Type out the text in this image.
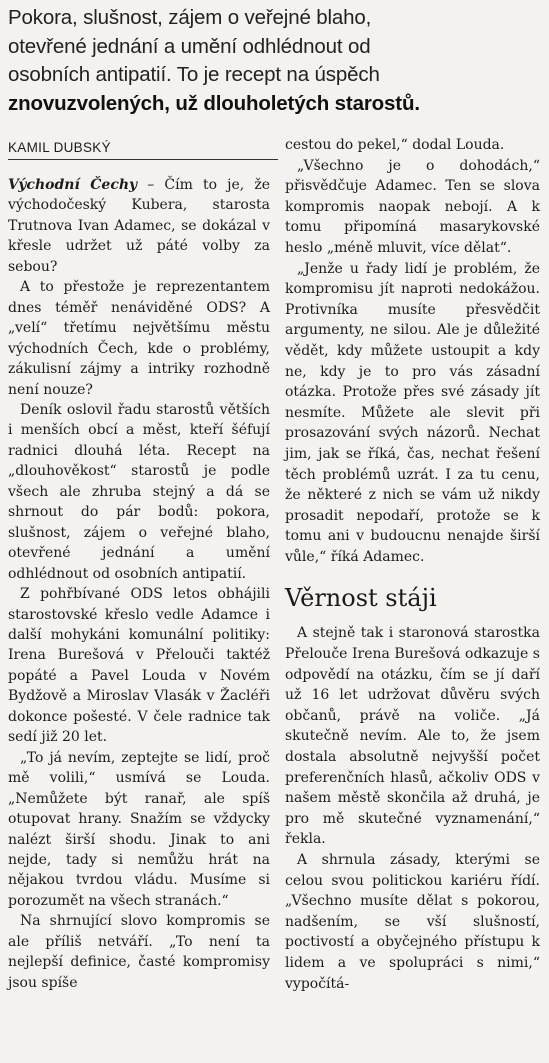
Pokora, slušnost, zájem o veřejné blaho,
otevřené jednání a umění odhlédnout od
osobních antipatií. To je recept na úspěch
znovuzvolených, už dlouholetých starostů.
KAMIL DUBSKÝ

Východní Čechy – Čím to je, že východočeský Kubera, starosta Trutnova Ivan Adamec, se dokázal v křesle udržet už páté volby za sebou?

A to přestože je reprezentantem dnes téměř nenáviděné ODS? A „velí“ třetímu největšímu městu východních Čech, kde o problémy, zákulisní zájmy a intriky rozhodně není nouze?

Deník oslovil řadu starostů větších i menších obcí a měst, kteří šéfují radnici dlouhá léta. Recept na „dlouhověkost“ starostů je podle všech ale zhruba stejný a dá se shrnout do pár bodů: pokora, slušnost, zájem o veřejné blaho, otevřené jednání a umění odhlédnout od osobních antipatií.

Z pohřbívané ODS letos obhájili starostovské křeslo vedle Adamce i další mohykáni komunální politiky: Irena Burešová v Přelouči taktéž popáté a Pavel Louda v Novém Bydžově a Miroslav Vlasák v Žacléři dokonce pošesté. V čele radnice tak sedí již 20 let.

„To já nevím, zeptejte se lidí, proč mě volili,“ usmívá se Louda. „Nemůžete být ranař, ale spíš otupovat hrany. Snažím se vždycky nalézt širší shodu. Jinak to ani nejde, tady si nemůžu hrát na nějakou tvrdou vládu. Musíme si porozumět na všech stranách.“

Na shrnující slovo kompromis se ale příliš netváří. „To není ta nejlepší definice, časté kompromisy jsou spíše

cestou do pekel,“ dodal Louda.

„Všechno je o dohodách,“ přisvědčuje Adamec. Ten se slova kompromis naopak nebojí. A k tomu připomíná masarykovské heslo „méně mluvit, více dělat“.

„Jenže u řady lidí je problém, že kompromisu jít naproti nedokážou. Protivníka musíte přesvědčit argumenty, ne silou. Ale je důležité vědět, kdy můžete ustoupit a kdy ne, kdy je to pro vás zásadní otázka. Protože přes své zásady jít nesmíte. Můžete ale slevit při prosazování svých názorů. Nechat jim, jak se říká, čas, nechat řešení těch problémů uzrát. I za tu cenu, že některé z nich se vám už nikdy prosadit nepodaří, protože se k tomu ani v budoucnu nenajde širší vůle,“ říká Adamec.

Věrnost stáji

A stejně tak i staronová starostka Přelouče Irena Burešová odkazuje s odpovědí na otázku, čím se jí daří už 16 let udržovat důvěru svých občanů, právě na voliče. „Já skutečně nevím. Ale to, že jsem dostala absolutně nejvyšší počet preferenčních hlasů, ačkoliv ODS v našem městě skončila až druhá, je pro mě skutečné vyznamenání,“ řekla.

A shrnula zásady, kterými se celou svou politickou kariéru řídí. „Všechno musíte dělat s pokorou, nadšením, se vší slušností, poctivostí a obyčejného přístupu k lidem a ve spolupráci s nimi,“ vypočítá-
